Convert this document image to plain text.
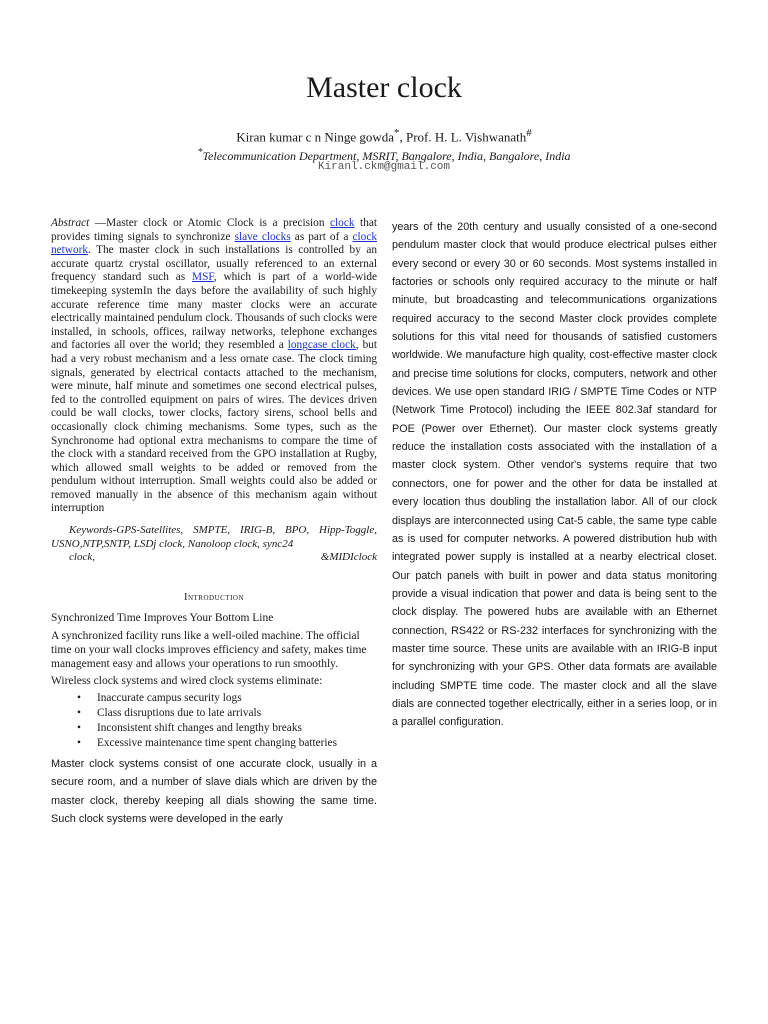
Master clock
Kiran kumar c n Ninge gowda*, Prof. H. L. Vishwanath#
*Telecommunication Department, MSRIT, Bangalore, India, Bangalore, India
Kiranl.ckm@gmail.com

Abstract —Master clock or Atomic Clock is a precision clock that provides timing signals to synchronize slave clocks as part of a clock network. The master clock in such installations is controlled by an accurate quartz crystal oscillator, usually referenced to an external frequency standard such as MSF, which is part of a world-wide timekeeping systemIn the days before the availability of such highly accurate reference time many master clocks were an accurate electrically maintained pendulum clock. Thousands of such clocks were installed, in schools, offices, railway networks, telephone exchanges and factories all over the world; they resembled a longcase clock, but had a very robust mechanism and a less ornate case. The clock timing signals, generated by electrical contacts attached to the mechanism, were minute, half minute and sometimes one second electrical pulses, fed to the controlled equipment on pairs of wires. The devices driven could be wall clocks, tower clocks, factory sirens, school bells and occasionally clock chiming mechanisms. Some types, such as the Synchronome had optional extra mechanisms to compare the time of the clock with a standard received from the GPO installation at Rugby, which allowed small weights to be added or removed from the pendulum without interruption. Small weights could also be added or removed manually in the absence of this mechanism again without interruption

Keywords-GPS-Satellites, SMPTE, IRIG-B, BPO, Hipp-Toggle, USNO,NTP,SNTP, LSDj clock, Nanoloop clock, sync24
clock, &MIDIclock

Introduction

Synchronized Time Improves Your Bottom Line

A synchronized facility runs like a well-oiled machine. The official time on your wall clocks improves efficiency and safety, makes time management easy and allows your operations to run smoothly.

Wireless clock systems and wired clock systems eliminate:

• Inaccurate campus security logs
• Class disruptions due to late arrivals
• Inconsistent shift changes and lengthy breaks
• Excessive maintenance time spent changing batteries

Master clock systems consist of one accurate clock, usually in a secure room, and a number of slave dials which are driven by the master clock, thereby keeping all dials showing the same time. Such clock systems were developed in the early

years of the 20th century and usually consisted of a one-second pendulum master clock that would produce electrical pulses either every second or every 30 or 60 seconds. Most systems installed in factories or schools only required accuracy to the minute or half minute, but broadcasting and telecommunications organizations required accuracy to the second Master clock provides complete solutions for this vital need for thousands of satisfied customers worldwide. We manufacture high quality, cost-effective master clock and precise time solutions for clocks, computers, network and other devices. We use open standard IRIG / SMPTE Time Codes or NTP (Network Time Protocol) including the IEEE 802.3af standard for POE (Power over Ethernet). Our master clock systems greatly reduce the installation costs associated with the installation of a master clock system. Other vendor's systems require that two connectors, one for power and the other for data be installed at every location thus doubling the installation labor. All of our clock displays are interconnected using Cat-5 cable, the same type cable as is used for computer networks. A powered distribution hub with integrated power supply is installed at a nearby electrical closet. Our patch panels with built in power and data status monitoring provide a visual indication that power and data is being sent to the clock display. The powered hubs are available with an Ethernet connection, RS422 or RS-232 interfaces for synchronizing with the master time source. These units are available with an IRIG-B input for synchronizing with your GPS. Other data formats are available including SMPTE time code. The master clock and all the slave dials are connected together electrically, either in a series loop, or in a parallel configuration.
